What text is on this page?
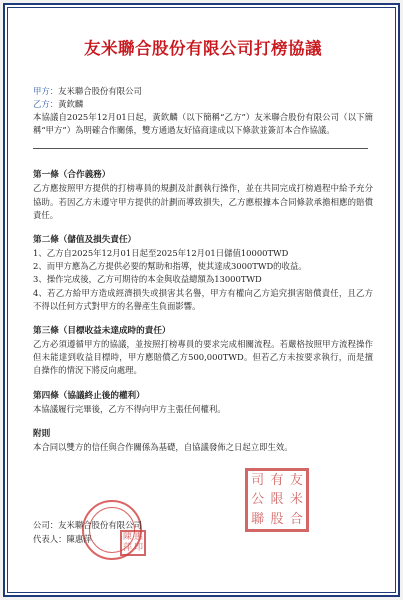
友米聯合股份有限公司打榜協議
甲方：友米聯合股份有限公司
乙方：黃欽麟
本協議自2025年12月01日起，黃欽麟（以下簡稱“乙方”）友米聯合股份有限公司（以下簡稱“甲方”）為明確合作關係，雙方通過友好協商達成以下條款並簽訂本合作協議。
第一條（合作義務）
乙方應按照甲方提供的打榜專員的規劃及計劃執行操作，並在共同完成打榜過程中給予充分協助。若因乙方未遵守甲方提供的計劃而導致損失，乙方應根據本合同條款承擔相應的賠償責任。
第二條（儲值及損失責任）
1、乙方自2025年12月01日起至2025年12月01日儲值10000TWD
2、而甲方應為乙方提供必要的幫助和指導，使其達成3000TWD的收益。
3、操作完成後，乙方可期待的本金與收益總額為13000TWD
4、若乙方給甲方造成經濟損失或損害其名譽，甲方有權向乙方追究損害賠償責任，且乙方不得以任何方式對甲方的名譽產生負面影響。
第三條（目標收益未達成時的責任）
乙方必須遵循甲方的協議，並按照打榜專員的要求完成相關流程。若嚴格按照甲方流程操作但未能達到收益目標時，甲方應賠償乙方500,000TWD。但若乙方未按要求執行，而是擅自操作的情況下將反向處理。
第四條（協議終止後的權利）
本協議履行完畢後，乙方不得向甲方主張任何權利。
附則
本合同以雙方的信任與合作關係為基礎，自協議發佈之日起立即生效。
司 有 友
公 限 米
聯 股 合
陳 惠
萍 印
公司：友米聯合股份有限公司
代表人：陳惠萍
